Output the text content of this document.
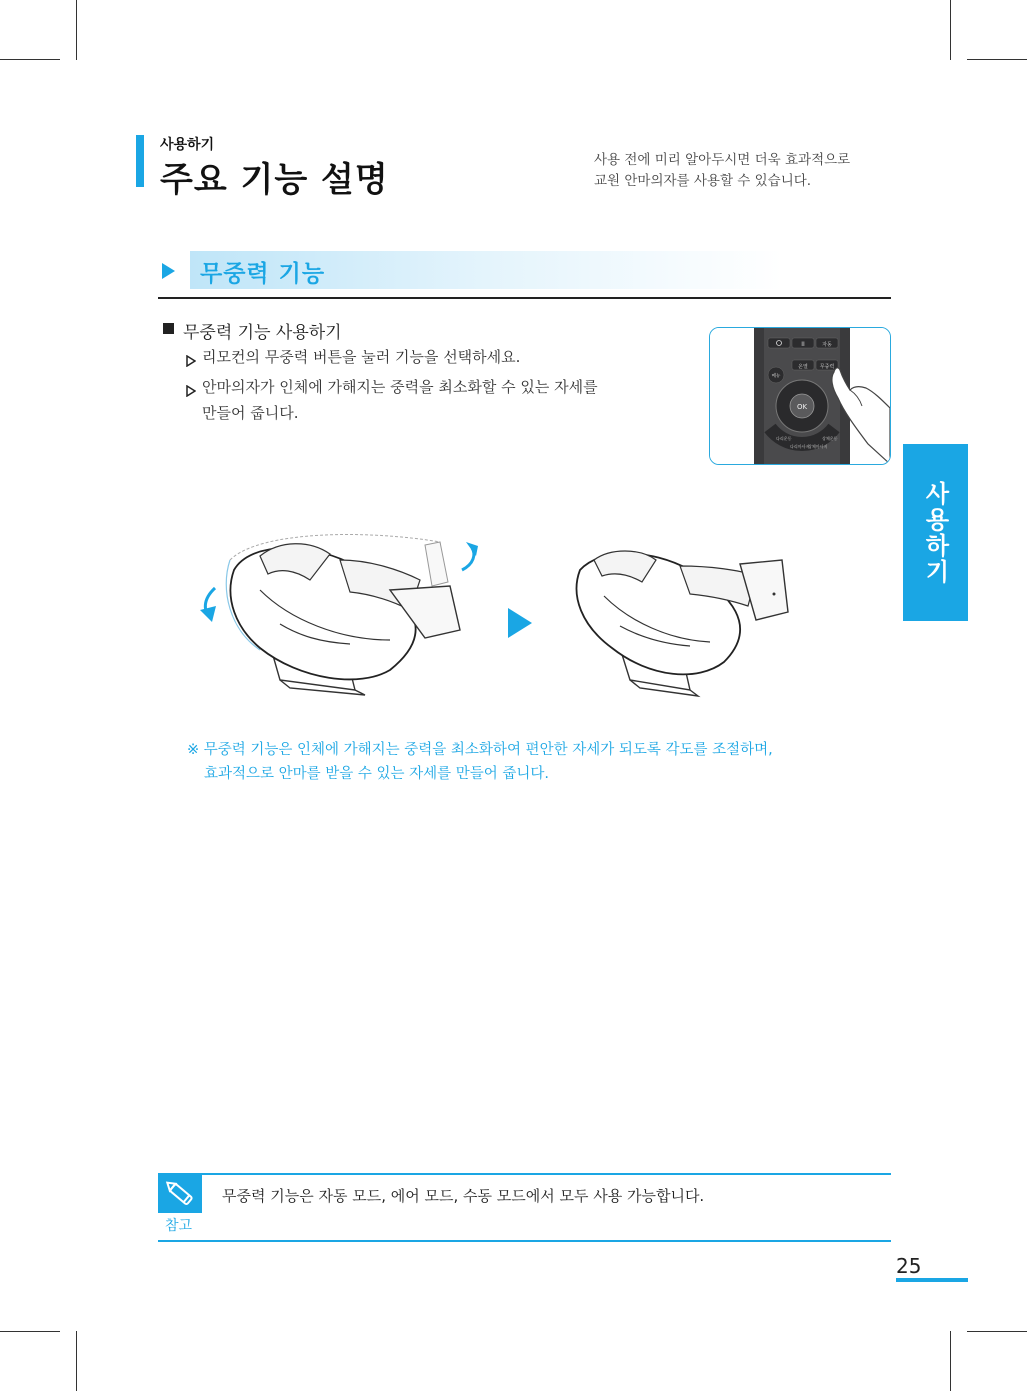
사용하기
주요 기능 설명	사용 전에 미리 알아두시면 더욱 효과적으로
교원 안마의자를 사용할 수 있습니다.
무중력 기능
무중력 기능 사용하기
리모컨의 무중력 버튼을 눌러 기능을 선택하세요.
안마의자가 인체에 가해지는 중력을 최소화할 수 있는 자세를
만들어 줍니다.
II	자동
온열 무중력
메뉴
OK
다리운동
다리마사지
상체마사지
상체운동
사용하기
※ 무중력 기능은 인체에 가해지는 중력을 최소화하여 편안한 자세가 되도록 각도를 조절하며,
효과적으로 안마를 받을 수 있는 자세를 만들어 줍니다.
참고
무중력 기능은 자동 모드, 에어 모드, 수동 모드에서 모두 사용 가능합니다.
25
